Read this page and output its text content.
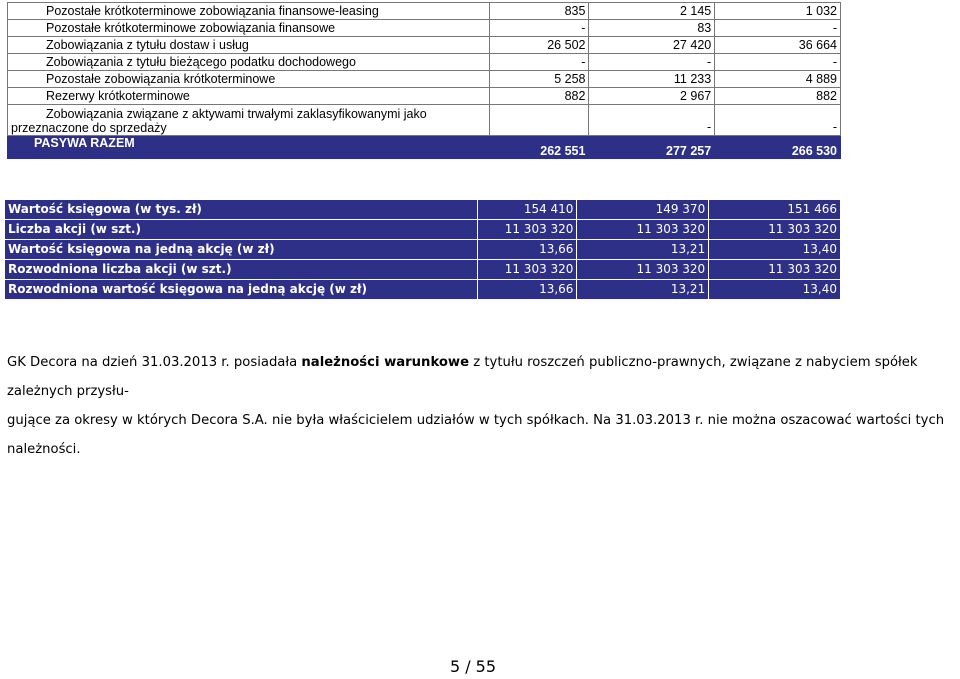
Pozostałe krótkoterminowe zobowiązania finansowe-leasing	835	2 145	1 032
Pozostałe krótkoterminowe zobowiązania finansowe	-	83	-
Zobowiązania z tytułu dostaw i usług	26 502	27 420	36 664
Zobowiązania z tytułu bieżącego podatku dochodowego	-	-	-
Pozostałe zobowiązania krótkoterminowe	5 258	11 233	4 889
Rezerwy krótkoterminowe	882	2 967	882
Zobowiązania związane z aktywami trwałymi zaklasyfikowanymi jako
przeznaczone do sprzedaży		-	-
PASYWA RAZEM	262 551	277 257	266 530
Wartość księgowa (w tys. zł)	154 410	149 370	151 466
Liczba akcji (w szt.)	11 303 320	11 303 320	11 303 320
Wartość księgowa na jedną akcję (w zł)	13,66	13,21	13,40
Rozwodniona liczba akcji (w szt.)	11 303 320	11 303 320	11 303 320
Rozwodniona wartość księgowa na jedną akcję (w zł)	13,66	13,21	13,40
GK Decora na dzień 31.03.2013 r. posiadała należności warunkowe z tytułu roszczeń publiczno-prawnych, związane z nabyciem spółek zależnych przysłu-
gujące za okresy w których Decora S.A. nie była właścicielem udziałów w tych spółkach. Na 31.03.2013 r. nie można oszacować wartości tych należności.
5 / 55
